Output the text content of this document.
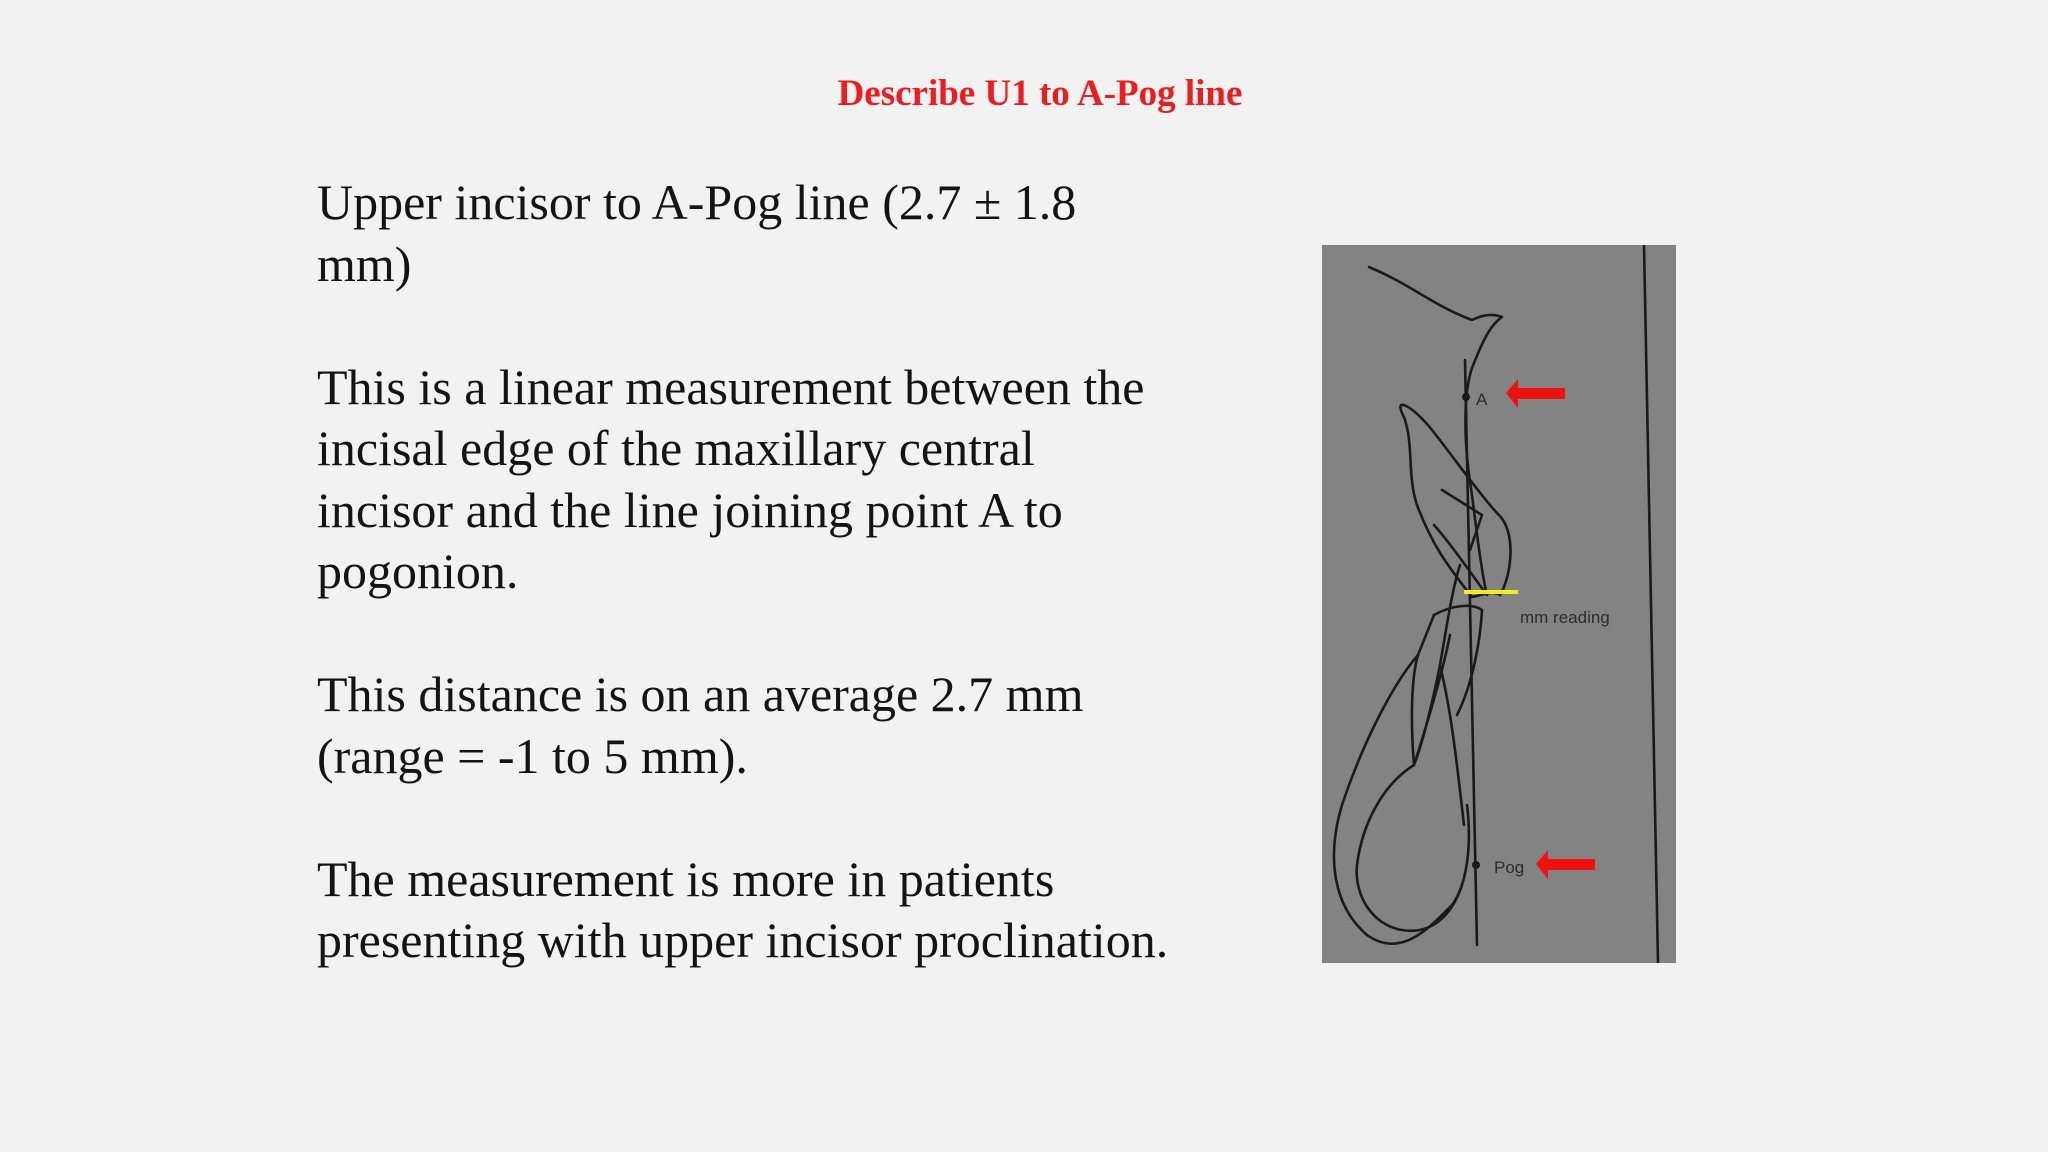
Describe U1 to A-Pog line

Upper incisor to A-Pog line (2.7 ± 1.8 mm)

This is a linear measurement between the incisal edge of the maxillary central incisor and the line joining point A to pogonion.

This distance is on an average 2.7 mm (range = -1 to 5 mm).

The measurement is more in patients presenting with upper incisor proclination.

A
mm reading
Pog
